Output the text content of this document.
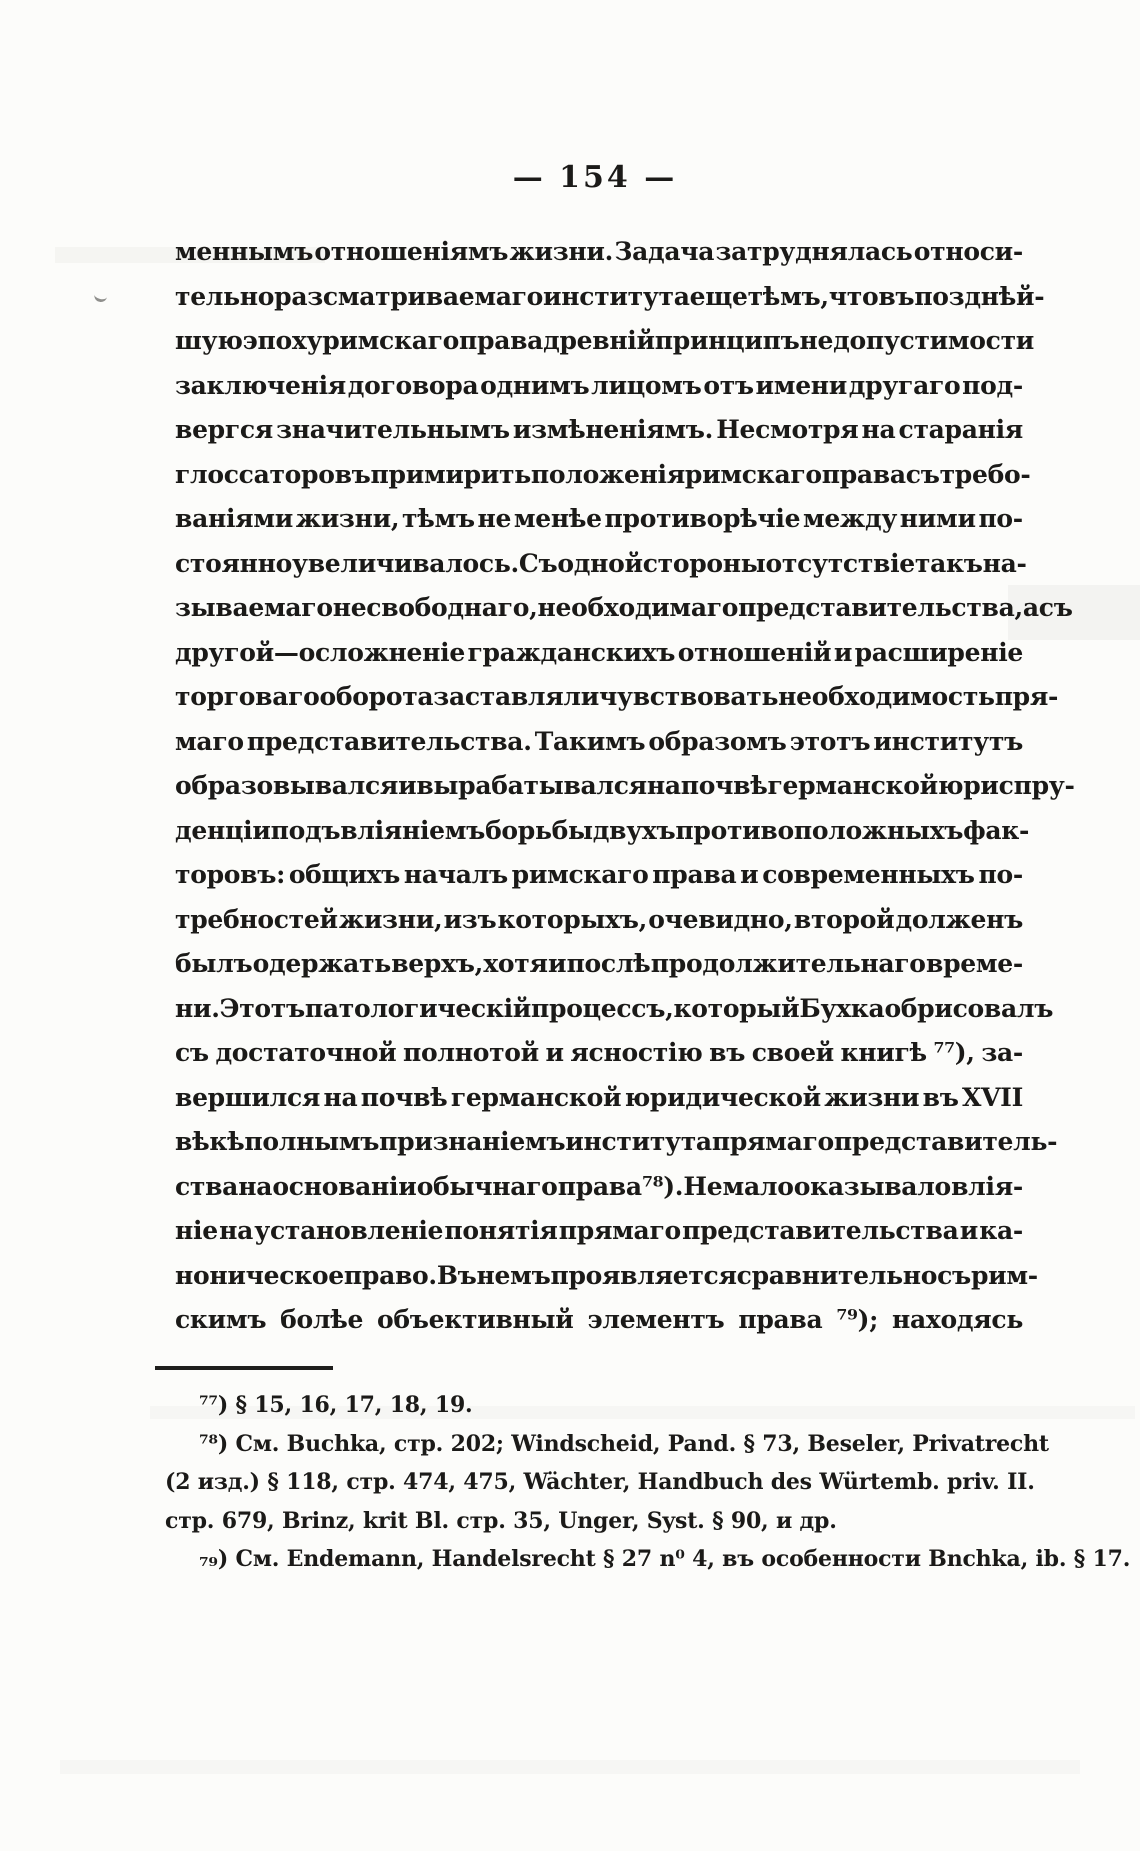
— 154 —
меннымъ отношеніямъ жизни. Задача затруднялась относи-
тельно разсматриваемаго института еще тѣмъ, что въ позднѣй-
шую эпоху римскаго права древній принципъ недопустимости
заключенія договора однимъ лицомъ отъ имени другаго под-
вергся значительнымъ измѣненіямъ. Несмотря на старанія
глоссаторовъ примирить положенія римскаго права съ требо-
ваніями жизни, тѣмъ не менѣе противорѣчіе между ними по-
стоянно увеличивалось. Съ одной стороны отсутствіе такъ на-
зываемаго несвободнаго, необходимаго представительства, а съ
другой—осложненіе гражданскихъ отношеній и расширеніе
торговаго оборота заставляли чувствовать необходимость пря-
маго представительства. Такимъ образомъ этотъ институтъ
образовывался и вырабатывался на почвѣ германской юриспру-
денціи подъ вліяніемъ борьбы двухъ противоположныхъ фак-
торовъ: общихъ началъ римскаго права и современныхъ по-
требностей жизни, изъ которыхъ, очевидно, второй долженъ
былъ одержать верхъ, хотя и послѣ продолжительнаго време-
ни. Этотъ патологическій процессъ, который Бухка обрисовалъ
съ достаточной полнотой и ясностію въ своей книгѣ ⁷⁷), за-
вершился на почвѣ германской юридической жизни въ XVII
вѣкѣ полнымъ признаніемъ института прямаго представитель-
ства на основаніи обычнаго права ⁷⁸). Не мало оказывало влія-
ніе на установленіе понятія прямаго представительства и ка-
ноническое право. Въ немъ проявляется сравнительно съ рим-
скимъ болѣе объективный элементъ права ⁷⁹); находясь
⁷⁷) § 15, 16, 17, 18, 19.
⁷⁸) См. Buchka, стр. 202; Windscheid, Pand. § 73, Beseler, Privatrecht
(2 изд.) § 118, стр. 474, 475, Wächter, Handbuch des Würtemb. priv. II.
стр. 679, Brinz, krit Bl. стр. 35, Unger, Syst. § 90, и др.
₇₉) См. Endemann, Handelsrecht § 27 n⁰ 4, въ особенности Bnchka, ib. § 17.
